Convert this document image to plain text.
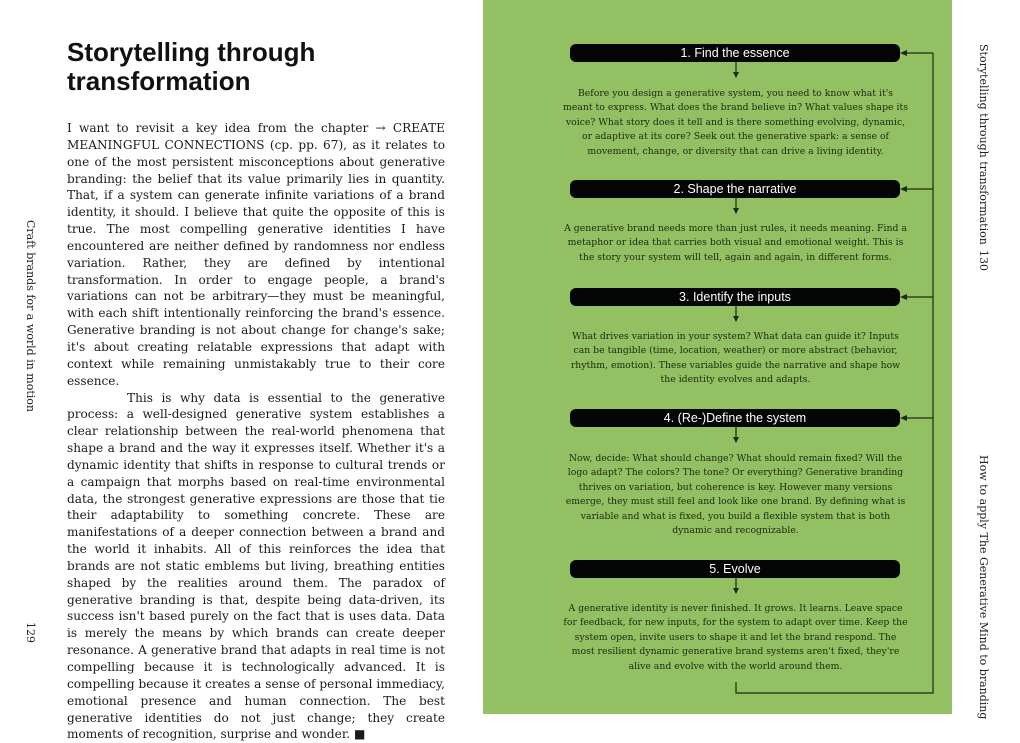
Storytelling through transformation

I want to revisit a key idea from the chapter → CREATE MEANINGFUL CONNECTIONS (cp. pp. 67), as it relates to one of the most persistent misconceptions about generative branding: the belief that its value primarily lies in quantity. That, if a system can generate infinite variations of a brand identity, it should. I believe that quite the opposite of this is true. The most compelling generative identities I have encountered are neither defined by randomness nor endless variation. Rather, they are defined by intentional transformation. In order to engage people, a brand's variations can not be arbitrary—they must be meaningful, with each shift intentionally reinforcing the brand's essence. Generative branding is not about change for change's sake; it's about creating relatable expressions that adapt with context while remaining unmistakably true to their core essence.

This is why data is essential to the generative process: a well-designed generative system establishes a clear relationship between the real-world phenomena that shape a brand and the way it expresses itself. Whether it's a dynamic identity that shifts in response to cultural trends or a campaign that morphs based on real-time environmental data, the strongest generative expressions are those that tie their adaptability to something concrete. These are manifestations of a deeper connection between a brand and the world it inhabits. All of this reinforces the idea that brands are not static emblems but living, breathing entities shaped by the realities around them. The paradox of generative branding is that, despite being data-driven, its success isn't based purely on the fact that is uses data. Data is merely the means by which brands can create deeper resonance. A generative brand that adapts in real time is not compelling because it is technologically advanced. It is compelling because it creates a sense of personal immediacy, emotional presence and human connection. The best generative identities do not just change; they create moments of recognition, surprise and wonder. ■

Craft brands for a world in motion
129
1. Find the essence

Before you design a generative system, you need to know what it's meant to express. What does the brand believe in? What values shape its voice? What story does it tell and is there something evolving, dynamic, or adaptive at its core? Seek out the generative spark: a sense of movement, change, or diversity that can drive a living identity.

2. Shape the narrative

A generative brand needs more than just rules, it needs meaning. Find a metaphor or idea that carries both visual and emotional weight. This is the story your system will tell, again and again, in different forms.

3. Identify the inputs

What drives variation in your system? What data can guide it? Inputs can be tangible (time, location, weather) or more abstract (behavior, rhythm, emotion). These variables guide the narrative and shape how the identity evolves and adapts.

4. (Re-)Define the system

Now, decide: What should change? What should remain fixed? Will the logo adapt? The colors? The tone? Or everything? Generative branding thrives on variation, but coherence is key. However many versions emerge, they must still feel and look like one brand. By defining what is variable and what is fixed, you build a flexible system that is both dynamic and recognizable.

5. Evolve

A generative identity is never finished. It grows. It learns. Leave space for feedback, for new inputs, for the system to adapt over time. Keep the system open, invite users to shape it and let the brand respond. The most resilient dynamic generative brand systems aren't fixed, they're alive and evolve with the world around them.

Storytelling through transformation
130
How to apply The Generative Mind to branding
